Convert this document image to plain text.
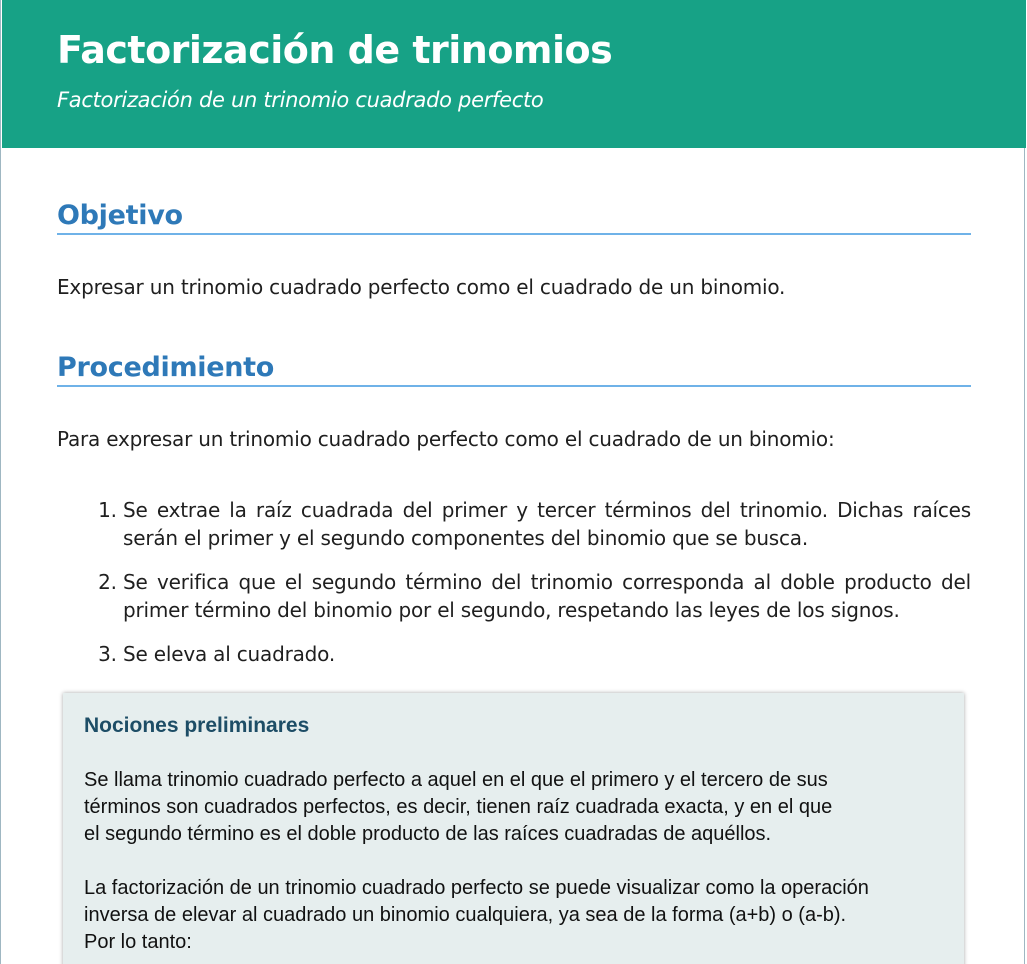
Factorización de trinomios
Factorización de un trinomio cuadrado perfecto
Objetivo

Expresar un trinomio cuadrado perfecto como el cuadrado de un binomio.

Procedimiento

Para expresar un trinomio cuadrado perfecto como el cuadrado de un binomio:

1. Se extrae la raíz cuadrada del primer y tercer términos del trinomio. Dichas raíces serán el primer y el segundo componentes del binomio que se busca.
2. Se verifica que el segundo término del trinomio corresponda al doble producto del primer término del binomio por el segundo, respetando las leyes de los signos.
3. Se eleva al cuadrado.
Nociones preliminares

Se llama trinomio cuadrado perfecto a aquel en el que el primero y el tercero de sus
términos son cuadrados perfectos, es decir, tienen raíz cuadrada exacta, y en el que
el segundo término es el doble producto de las raíces cuadradas de aquéllos.

La factorización de un trinomio cuadrado perfecto se puede visualizar como la operación
inversa de elevar al cuadrado un binomio cualquiera, ya sea de la forma (a+b) o (a-b).
Por lo tanto:
